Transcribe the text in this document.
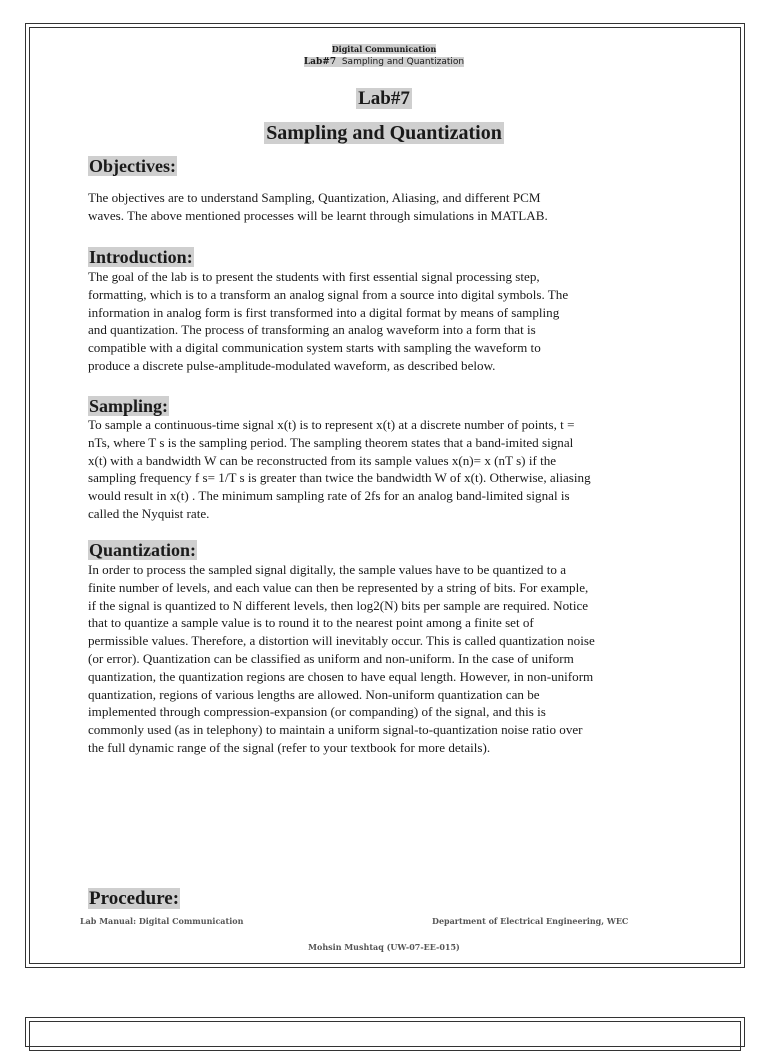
Digital Communication
Lab#7 Sampling and Quantization
Lab#7
Sampling and Quantization
Objectives:
The objectives are to understand Sampling, Quantization, Aliasing, and different PCM
waves. The above mentioned processes will be learnt through simulations in MATLAB.
Introduction:
The goal of the lab is to present the students with first essential signal processing step,
formatting, which is to a transform an analog signal from a source into digital symbols. The
information in analog form is first transformed into a digital format by means of sampling
and quantization. The process of transforming an analog waveform into a form that is
compatible with a digital communication system starts with sampling the waveform to
produce a discrete pulse-amplitude-modulated waveform, as described below.
Sampling:
To sample a continuous-time signal x(t) is to represent x(t) at a discrete number of points, t =
nTs, where T s is the sampling period. The sampling theorem states that a band-imited signal
x(t) with a bandwidth W can be reconstructed from its sample values x(n)= x (nT s) if the
sampling frequency f s= 1/T s is greater than twice the bandwidth W of x(t). Otherwise, aliasing
would result in x(t) . The minimum sampling rate of 2fs for an analog band-limited signal is
called the Nyquist rate.
Quantization:
In order to process the sampled signal digitally, the sample values have to be quantized to a
finite number of levels, and each value can then be represented by a string of bits. For example,
if the signal is quantized to N different levels, then log2(N) bits per sample are required. Notice
that to quantize a sample value is to round it to the nearest point among a finite set of
permissible values. Therefore, a distortion will inevitably occur. This is called quantization noise
(or error). Quantization can be classified as uniform and non-uniform. In the case of uniform
quantization, the quantization regions are chosen to have equal length. However, in non-uniform
quantization, regions of various lengths are allowed. Non-uniform quantization can be
implemented through compression-expansion (or companding) of the signal, and this is
commonly used (as in telephony) to maintain a uniform signal-to-quantization noise ratio over
the full dynamic range of the signal (refer to your textbook for more details).
Procedure:
Lab Manual: Digital Communication	Department of Electrical Engineering, WEC
Mohsin Mushtaq (UW-07-EE-015)
